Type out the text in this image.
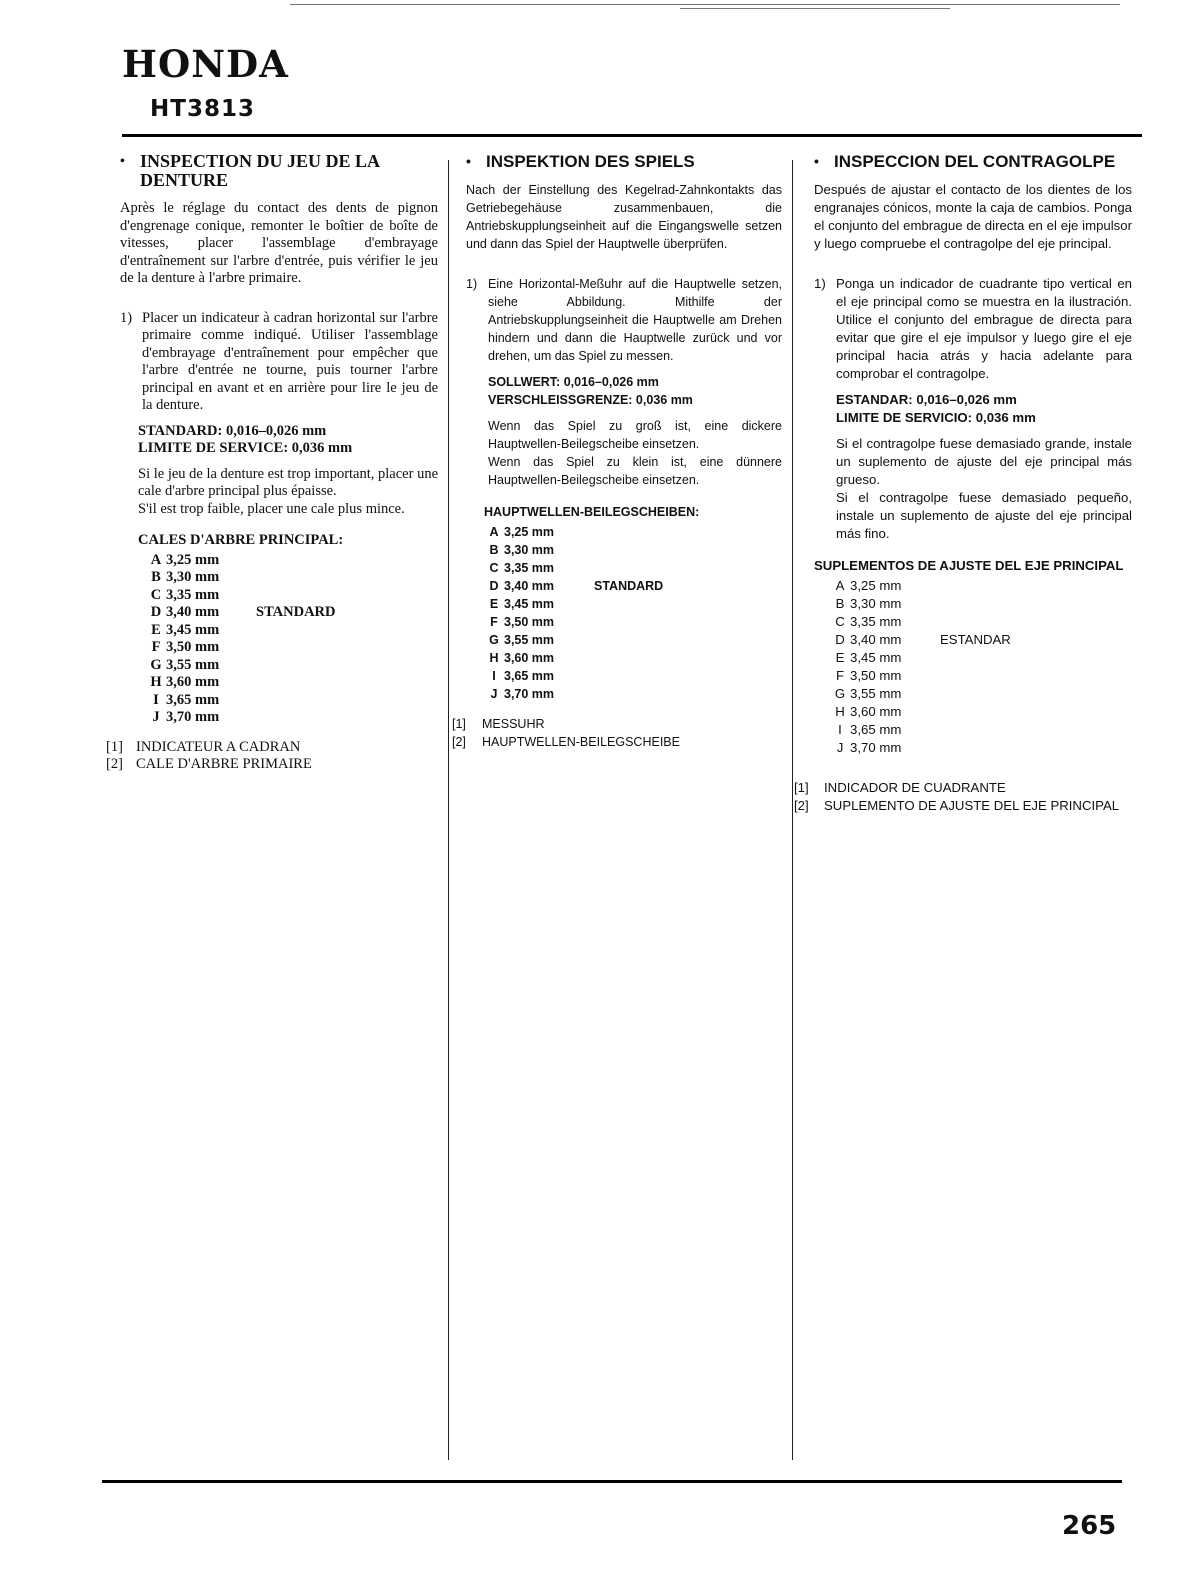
HONDA
HT3813
• INSPECTION DU JEU DE LA DENTURE

Après le réglage du contact des dents de pignon d'engrenage conique, remonter le boîtier de boîte de vitesses, placer l'assemblage d'embrayage d'entraînement sur l'arbre d'entrée, puis vérifier le jeu de la denture à l'arbre primaire.

1) Placer un indicateur à cadran horizontal sur l'arbre primaire comme indiqué. Utiliser l'assemblage d'embrayage d'entraînement pour empêcher que l'arbre d'entrée ne tourne, puis tourner l'arbre principal en avant et en arrière pour lire le jeu de la denture.
STANDARD: 0,016–0,026 mm
LIMITE DE SERVICE: 0,036 mm
Si le jeu de la denture est trop important, placer une cale d'arbre principal plus épaisse.
S'il est trop faible, placer une cale plus mince.
CALES D'ARBRE PRINCIPAL:
A 3,25 mm
B 3,30 mm
C 3,35 mm
D 3,40 mm	STANDARD
E 3,45 mm
F 3,50 mm
G 3,55 mm
H 3,60 mm
I 3,65 mm
J 3,70 mm
[1] INDICATEUR A CADRAN
[2] CALE D'ARBRE PRIMAIRE
• INSPEKTION DES SPIELS

Nach der Einstellung des Kegelrad-Zahnkontakts das Getriebegehäuse zusammenbauen, die Antriebskupplungseinheit auf die Eingangswelle setzen und dann das Spiel der Hauptwelle überprüfen.

1) Eine Horizontal-Meßuhr auf die Hauptwelle setzen, siehe Abbildung. Mithilfe der Antriebskupplungseinheit die Hauptwelle am Drehen hindern und dann die Hauptwelle zurück und vor drehen, um das Spiel zu messen.
SOLLWERT: 0,016–0,026 mm
VERSCHLEISSGRENZE: 0,036 mm
Wenn das Spiel zu groß ist, eine dickere Hauptwellen-Beilegscheibe einsetzen.
Wenn das Spiel zu klein ist, eine dünnere Hauptwellen-Beilegscheibe einsetzen.
HAUPTWELLEN-BEILEGSCHEIBEN:
A 3,25 mm
B 3,30 mm
C 3,35 mm
D 3,40 mm	STANDARD
E 3,45 mm
F 3,50 mm
G 3,55 mm
H 3,60 mm
I 3,65 mm
J 3,70 mm
[1]	MESSUHR
[2]	HAUPTWELLEN-BEILEGSCHEIBE
• INSPECCION DEL CONTRAGOLPE

Después de ajustar el contacto de los dientes de los engranajes cónicos, monte la caja de cambios. Ponga el conjunto del embrague de directa en el eje impulsor y luego compruebe el contragolpe del eje principal.

1) Ponga un indicador de cuadrante tipo vertical en el eje principal como se muestra en la ilustración. Utilice el conjunto del embrague de directa para evitar que gire el eje impulsor y luego gire el eje principal hacia atrás y hacia adelante para comprobar el contragolpe.
ESTANDAR: 0,016–0,026 mm
LIMITE DE SERVICIO: 0,036 mm
Si el contragolpe fuese demasiado grande, instale un suplemento de ajuste del eje principal más grueso.
Si el contragolpe fuese demasiado pequeño, instale un suplemento de ajuste del eje principal más fino.
SUPLEMENTOS DE AJUSTE DEL EJE PRINCIPAL
A 3,25 mm
B 3,30 mm
C 3,35 mm
D 3,40 mm	ESTANDAR
E 3,45 mm
F 3,50 mm
G 3,55 mm
H 3,60 mm
I 3,65 mm
J 3,70 mm
[1]	INDICADOR DE CUADRANTE
[2]	SUPLEMENTO DE AJUSTE DEL EJE PRINCIPAL
265
